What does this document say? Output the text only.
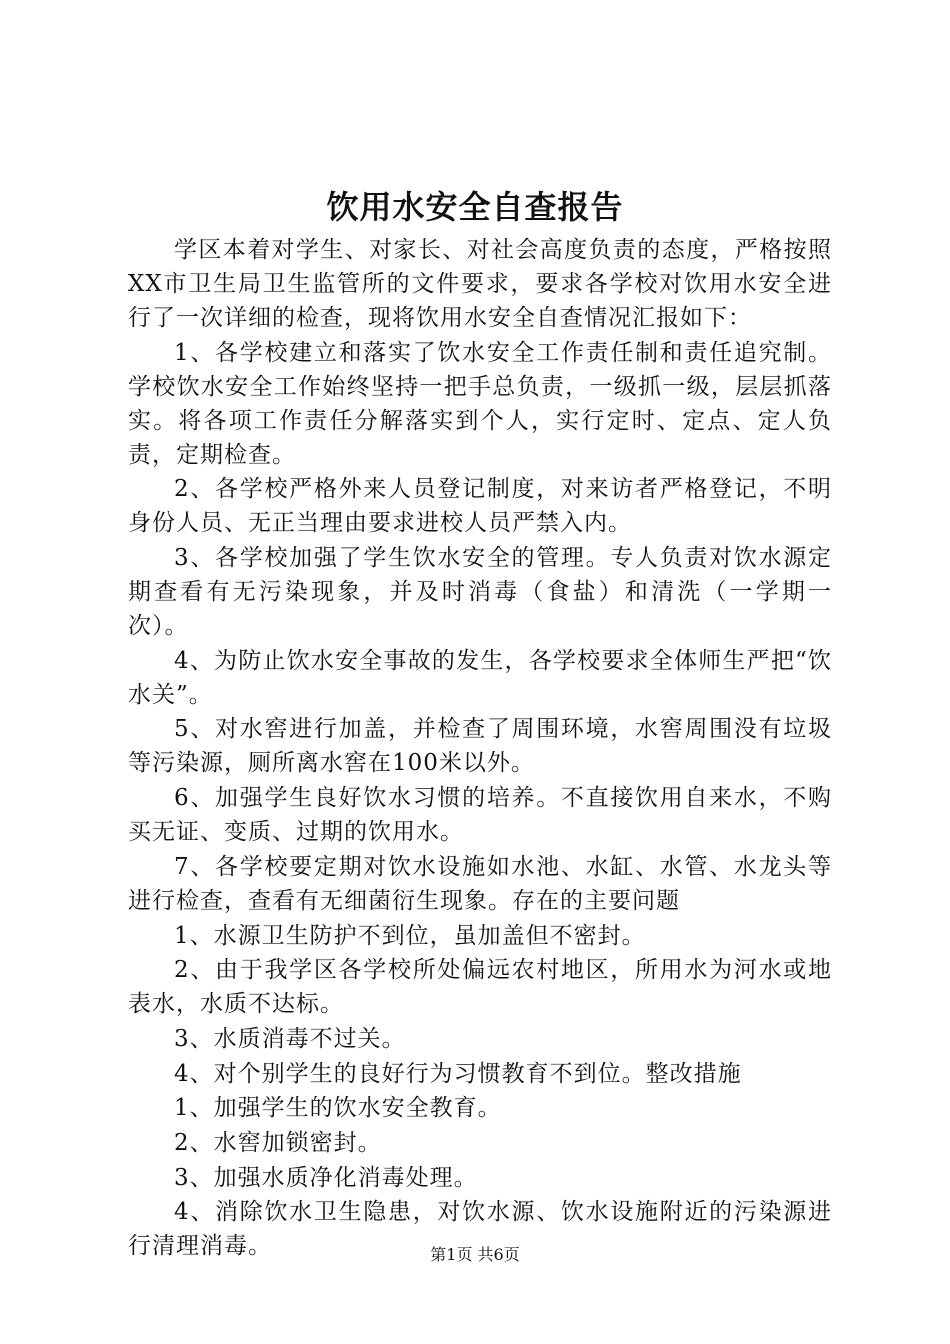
饮用水安全自查报告

学区本着对学生、对家长、对社会高度负责的态度，严格按照XX市卫生局卫生监管所的文件要求，要求各学校对饮用水安全进行了一次详细的检查，现将饮用水安全自查情况汇报如下：

1、各学校建立和落实了饮水安全工作责任制和责任追究制。学校饮水安全工作始终坚持一把手总负责，一级抓一级，层层抓落实。将各项工作责任分解落实到个人，实行定时、定点、定人负责，定期检查。

2、各学校严格外来人员登记制度，对来访者严格登记，不明身份人员、无正当理由要求进校人员严禁入内。

3、各学校加强了学生饮水安全的管理。专人负责对饮水源定期查看有无污染现象，并及时消毒（食盐）和清洗（一学期一次）。

4、为防止饮水安全事故的发生，各学校要求全体师生严把“饮水关”。

5、对水窖进行加盖，并检查了周围环境，水窖周围没有垃圾等污染源，厕所离水窖在100米以外。

6、加强学生良好饮水习惯的培养。不直接饮用自来水，不购买无证、变质、过期的饮用水。

7、各学校要定期对饮水设施如水池、水缸、水管、水龙头等进行检查，查看有无细菌衍生现象。存在的主要问题

1、水源卫生防护不到位，虽加盖但不密封。

2、由于我学区各学校所处偏远农村地区，所用水为河水或地表水，水质不达标。

3、水质消毒不过关。

4、对个别学生的良好行为习惯教育不到位。整改措施

1、加强学生的饮水安全教育。

2、水窖加锁密封。

3、加强水质净化消毒处理。

4、消除饮水卫生隐患，对饮水源、饮水设施附近的污染源进行清理消毒。	第1页 共6页
